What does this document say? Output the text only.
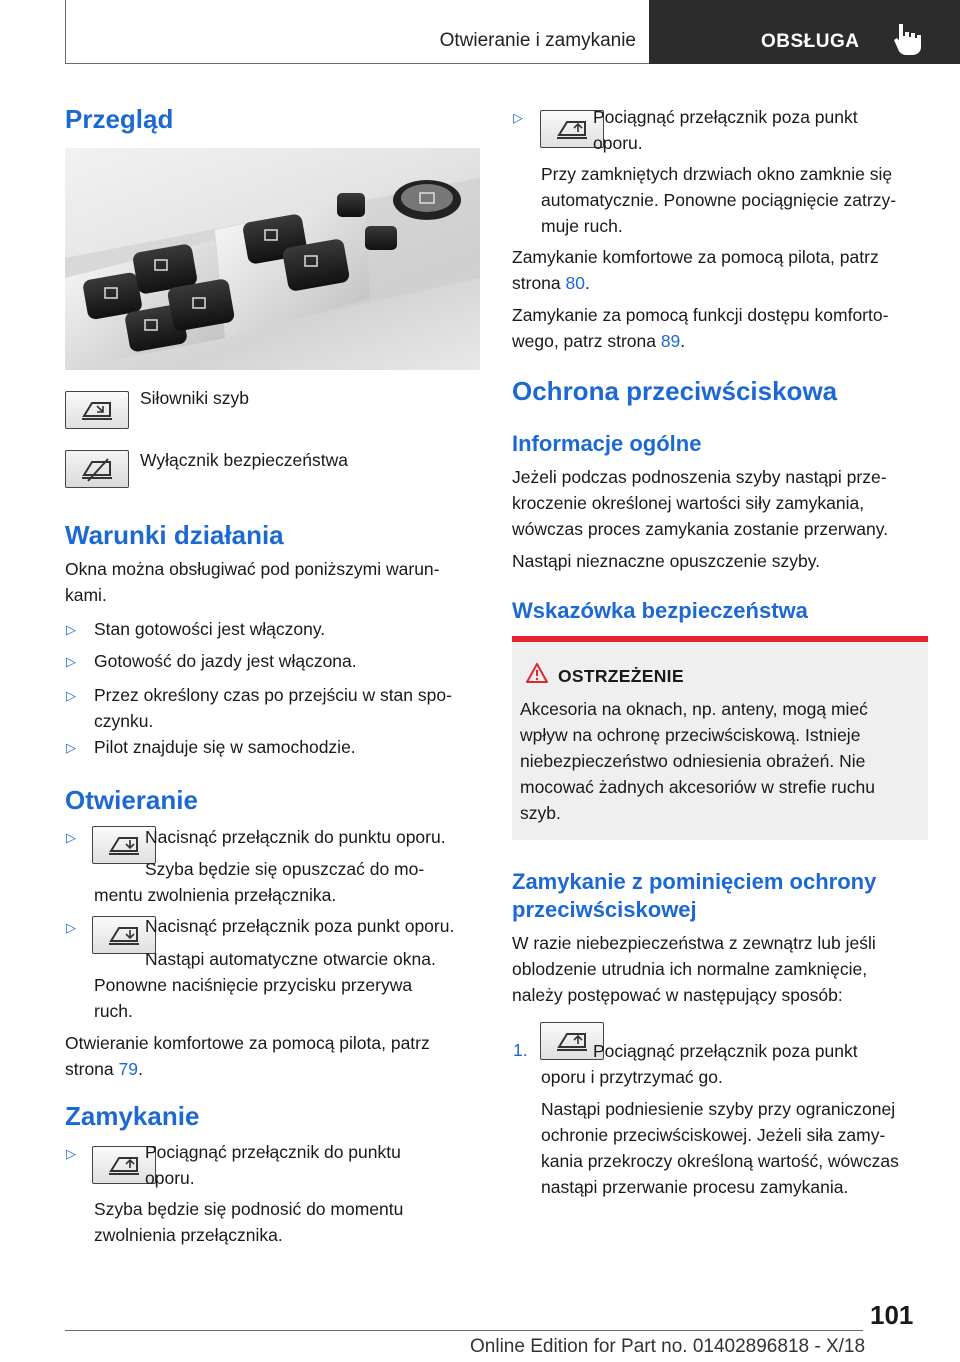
Otwieranie i zamykanie	OBSŁUGA
Przegląd
Siłowniki szyb
Wyłącznik bezpieczeństwa
Warunki działania
Okna można obsługiwać pod poniższymi warun-
kami.
▷ Stan gotowości jest włączony.
▷ Gotowość do jazdy jest włączona.
▷ Przez określony czas po przejściu w stan spo-
czynku.
▷ Pilot znajduje się w samochodzie.
Otwieranie
▷	Nacisnąć przełącznik do punktu oporu.
Szyba będzie się opuszczać do mo-
mentu zwolnienia przełącznika.
▷	Nacisnąć przełącznik poza punkt oporu.
Nastąpi automatyczne otwarcie okna.
Ponowne naciśnięcie przycisku przerywa
ruch.
Otwieranie komfortowe za pomocą pilota, patrz
strona 79.
Zamykanie
▷	Pociągnąć przełącznik do punktu
oporu.
Szyba będzie się podnosić do momentu
zwolnienia przełącznika.
▷	Pociągnąć przełącznik poza punkt
oporu.
Przy zamkniętych drzwiach okno zamknie się
automatycznie. Ponowne pociągnięcie zatrzy-
muje ruch.
Zamykanie komfortowe za pomocą pilota, patrz
strona 80.
Zamykanie za pomocą funkcji dostępu komforto-
wego, patrz strona 89.
Ochrona przeciwściskowa
Informacje ogólne
Jeżeli podczas podnoszenia szyby nastąpi prze-
kroczenie określonej wartości siły zamykania,
wówczas proces zamykania zostanie przerwany.
Nastąpi nieznaczne opuszczenie szyby.
Wskazówka bezpieczeństwa
OSTRZEŻENIE
Akcesoria na oknach, np. anteny, mogą mieć
wpływ na ochronę przeciwściskową. Istnieje
niebezpieczeństwo odniesienia obrażeń. Nie
mocować żadnych akcesoriów w strefie ruchu
szyb.
Zamykanie z pominięciem ochrony
przeciwściskowej
W razie niebezpieczeństwa z zewnątrz lub jeśli
oblodzenie utrudnia ich normalne zamknięcie,
należy postępować w następujący sposób:
1.	Pociągnąć przełącznik poza punkt
oporu i przytrzymać go.
Nastąpi podniesienie szyby przy ograniczonej
ochronie przeciwściskowej. Jeżeli siła zamy-
kania przekroczy określoną wartość, wówczas
nastąpi przerwanie procesu zamykania.
101
Online Edition for Part no. 01402896818 - X/18
